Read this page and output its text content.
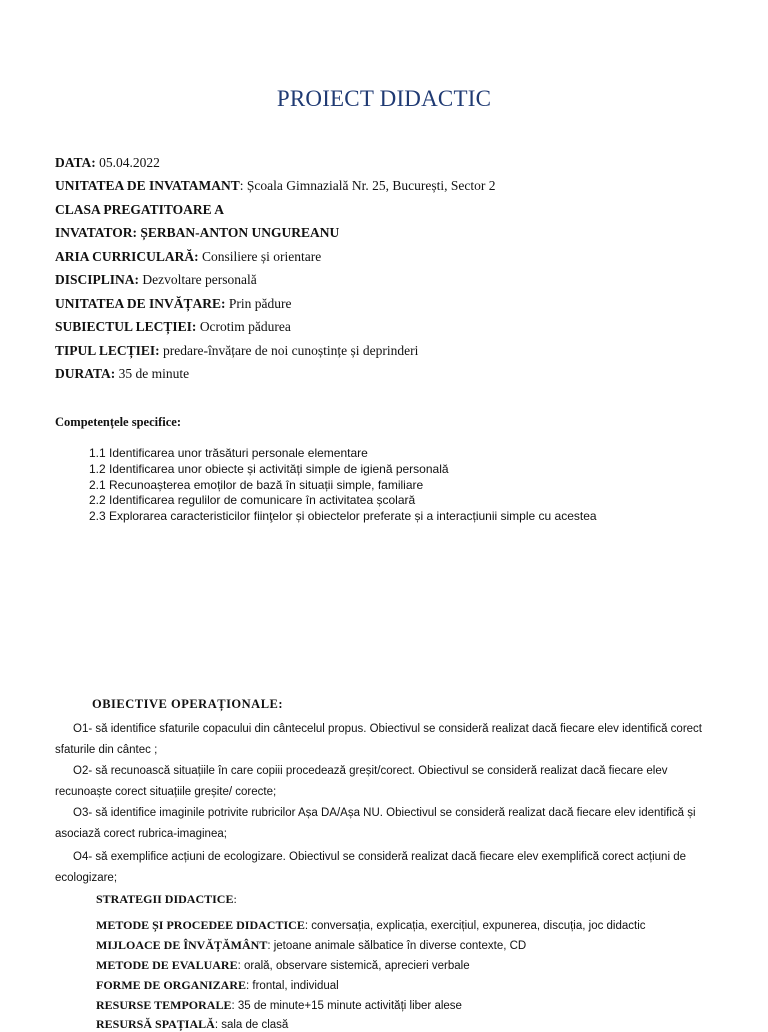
PROIECT DIDACTIC
DATA: 05.04.2022
UNITATEA DE INVATAMANT: Școala Gimnazială Nr. 25, București, Sector 2
CLASA PREGATITOARE A
INVATATOR: ȘERBAN-ANTON UNGUREANU
ARIA CURRICULARĂ: Consiliere și orientare
DISCIPLINA: Dezvoltare personală
UNITATEA DE INVĂȚARE: Prin pădure
SUBIECTUL LECȚIEI: Ocrotim pădurea
TIPUL LECȚIEI: predare-învățare de noi cunoștințe și deprinderi
DURATA: 35 de minute
Competențele specifice:
1.1 Identificarea unor trăsături personale elementare
1.2 Identificarea unor obiecte și activități simple de igienă personală
2.1 Recunoașterea emoților de bază în situații simple, familiare
2.2 Identificarea regulilor de comunicare în activitatea școlară
2.3 Explorarea caracteristicilor fiinţelor și obiectelor preferate și a interacțiunii simple cu acestea
OBIECTIVE OPERAȚIONALE:
O1- să identifice sfaturile copacului din cântecelul propus. Obiectivul se consideră realizat dacă fiecare elev identifică corect sfaturile din cântec ;
O2- să recunoască situațiile în care copiii procedează greșit/corect. Obiectivul se consideră realizat dacă fiecare elev recunoaște corect situațiile greșite/ corecte;
O3- să identifice imaginile potrivite rubricilor Așa DA/Așa NU. Obiectivul se consideră realizat dacă fiecare elev identifică și asociază corect rubrica-imaginea;
O4- să exemplifice acțiuni de ecologizare. Obiectivul se consideră realizat dacă fiecare elev exemplifică corect acțiuni de ecologizare;
STRATEGII DIDACTICE:
METODE ȘI PROCEDEE DIDACTICE: conversația, explicația, exercițiul, expunerea, discuția, joc didactic
MIJLOACE DE ÎNVĂȚĂMÂNT: jetoane animale sălbatice în diverse contexte, CD
METODE DE EVALUARE: orală, observare sistemică, aprecieri verbale
FORME DE ORGANIZARE: frontal, individual
RESURSE TEMPORALE: 35 de minute+15 minute activități liber alese
RESURSĂ SPAȚIALĂ: sala de clasă
